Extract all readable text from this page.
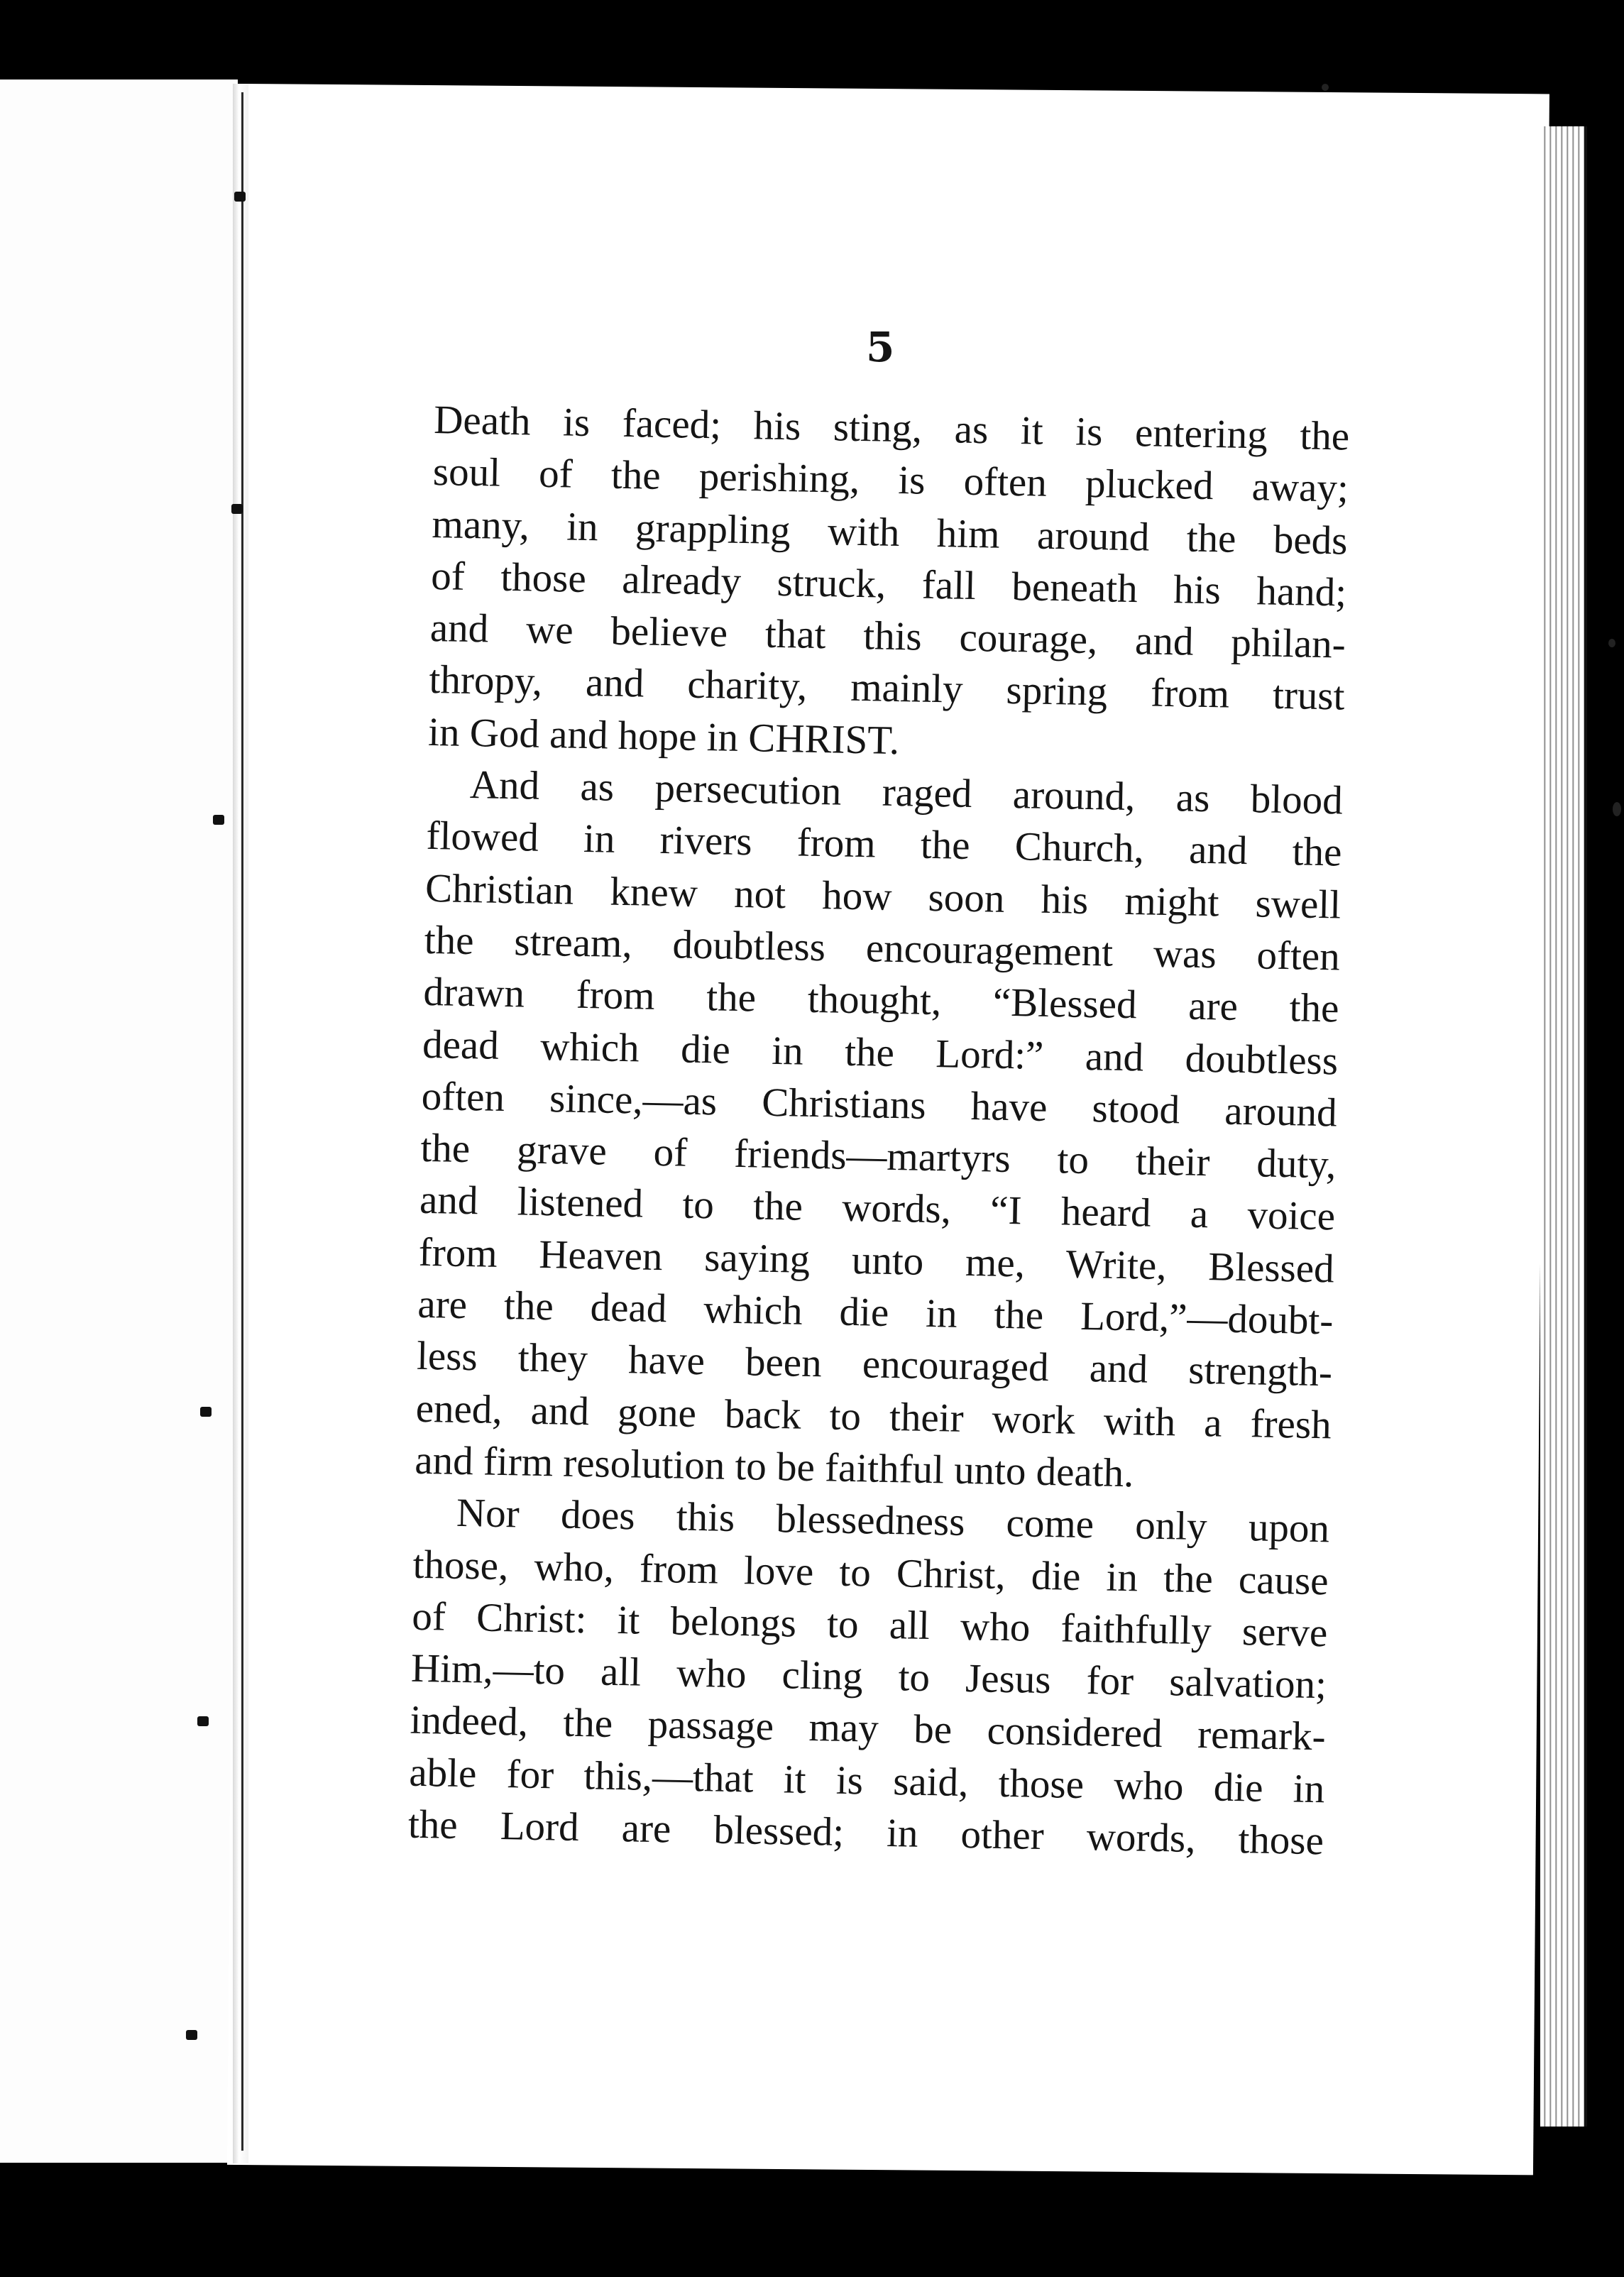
5
Death is faced; his sting, as it is entering the
soul of the perishing, is often plucked away;
many, in grappling with him around the beds
of those already struck, fall beneath his hand;
and we believe that this courage, and philan-
thropy, and charity, mainly spring from trust
in God and hope in CHRIST.
And as persecution raged around, as blood
flowed in rivers from the Church, and the
Christian knew not how soon his might swell
the stream, doubtless encouragement was often
drawn from the thought, “Blessed are the
dead which die in the Lord:” and doubtless
often since,—as Christians have stood around
the grave of friends—martyrs to their duty,
and listened to the words, “I heard a voice
from Heaven saying unto me, Write, Blessed
are the dead which die in the Lord,”—doubt-
less they have been encouraged and strength-
ened, and gone back to their work with a fresh
and firm resolution to be faithful unto death.
Nor does this blessedness come only upon
those, who, from love to Christ, die in the cause
of Christ: it belongs to all who faithfully serve
Him,—to all who cling to Jesus for salvation;
indeed, the passage may be considered remark-
able for this,—that it is said, those who die in
the Lord are blessed; in other words, those
